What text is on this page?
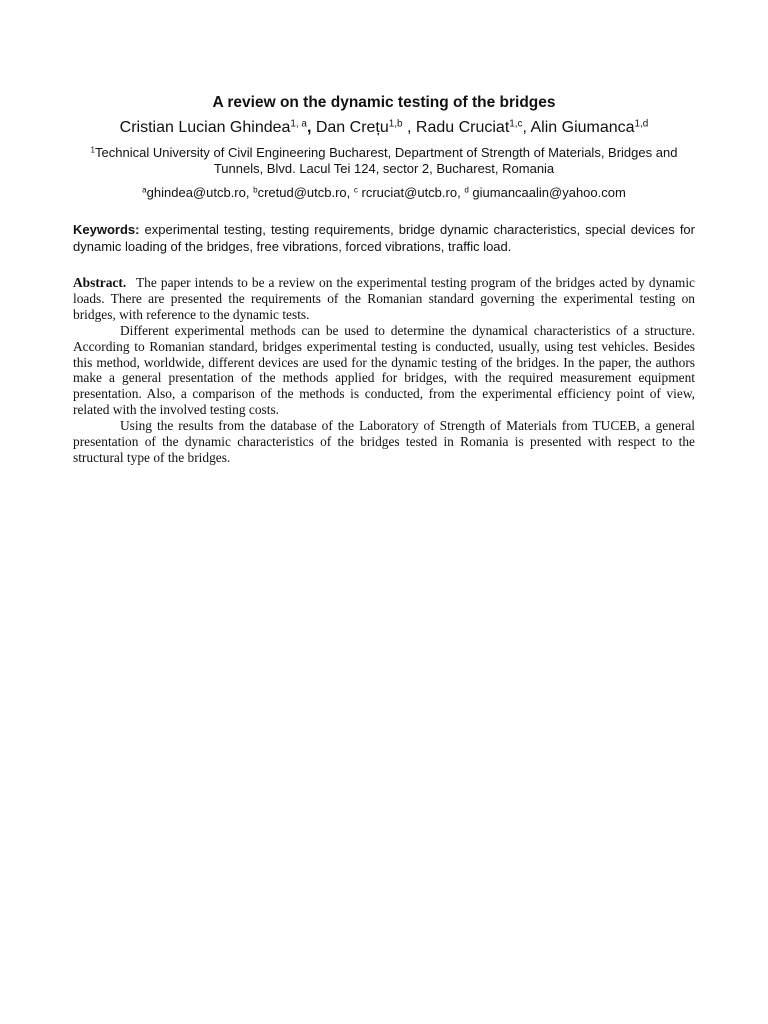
A review on the dynamic testing of the bridges
Cristian Lucian Ghindea$^{1, a}$, Dan Crețu$^{1,b}$ , Radu Cruciat$^{1,c}$, Alin Giumanca$^{1,d}$
$^1$Technical University of Civil Engineering Bucharest, Department of Strength of Materials, Bridges and Tunnels, Blvd. Lacul Tei 124, sector 2, Bucharest, Romania
$^a$ghindea@utcb.ro, $^b$cretud@utcb.ro, $^c$ rcruciat@utcb.ro, $^d$ giumancaalin@yahoo.com
Keywords: experimental testing, testing requirements, bridge dynamic characteristics, special devices for dynamic loading of the bridges, free vibrations, forced vibrations, traffic load.

Abstract. The paper intends to be a review on the experimental testing program of the bridges acted by dynamic loads. There are presented the requirements of the Romanian standard governing the experimental testing on bridges, with reference to the dynamic tests.

Different experimental methods can be used to determine the dynamical characteristics of a structure. According to Romanian standard, bridges experimental testing is conducted, usually, using test vehicles. Besides this method, worldwide, different devices are used for the dynamic testing of the bridges. In the paper, the authors make a general presentation of the methods applied for bridges, with the required measurement equipment presentation. Also, a comparison of the methods is conducted, from the experimental efficiency point of view, related with the involved testing costs.

Using the results from the database of the Laboratory of Strength of Materials from TUCEB, a general presentation of the dynamic characteristics of the bridges tested in Romania is presented with respect to the structural type of the bridges.
